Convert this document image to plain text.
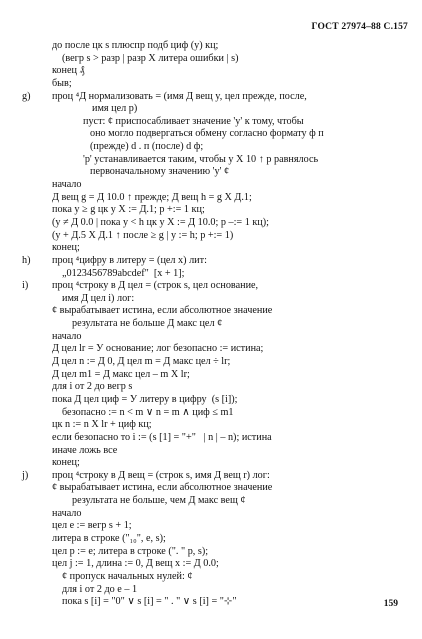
ГОСТ 27974–88 С.157
до после цк s плюспр подб циф (у) кц;
(вегр s > разр | разр X литера ошибки | s)
конец ₰
быв;
g) проц ⁴Д нормализовать = (имя Д вещ y, цел прежде, после,
имя цел p)
пуст: ¢ приспосабливает значение 'y' к тому, чтобы
оно могло подвергаться обмену согласно формату ф п
(прежде) d . п (после) d ф;
'p' устанавливается таким, чтобы у X 10 ↑ р равнялось
первоначальному значению 'y' ¢
начало
Д вещ g = Д 10.0 ↑ прежде; Д вещ h = g X Д.1;
пока y ≥ g цк y X := Д.1; р +:= 1 кц;
(y ≠ Д 0.0 | пока y < h цк y X := Д 10.0; р –:= 1 кц);
(y + Д.5 X Д.1 ↑ после ≥ g | y := h; р +:= 1)
конец;
h) проц ⁴цифру в литеру = (цел x) лит:
„0123456789abcdef"  [x + 1];
i) проц ⁴строку в Д цел = (строк s, цел основание,
имя Д цел i) лог:
¢ вырабатывает истина, если абсолютное значение
результата не больше Д макс цел ¢
начало
Д цел lr = У основание; лог безопасно := истина;
Д цел n := Д 0, Д цел m = Д макс цел ÷ lr;
Д цел m1 = Д макс цел – m X lr;
для i от 2 до вегр s
пока Д цел циф = У литеру в цифру  (s [i]);
безопасно := n < m ∨ n = m ∧ циф ≤ m1
цк n := n X lr + циф кц;
если безопасно то i := (s [1] = "+"   | n | – n); истина
иначе ложь все
конец;
j) проц ⁴строку в Д вещ = (строк s, имя Д вещ r) лог:
¢ вырабатывает истина, если абсолютное значение
результата не больше, чем Д макс вещ ¢
начало
цел e := вегр s + 1;
литера в строке ("₁₀", e, s);
цел p := e; литера в строке (". " p, s);
цел j := 1, длина := 0, Д вещ x := Д 0.0;
¢ пропуск начальных нулей: ¢
для i от 2 до e – 1
пока s [i] = "0" ∨ s [i] = " . " ∨ s [i] = "⊹"	159
